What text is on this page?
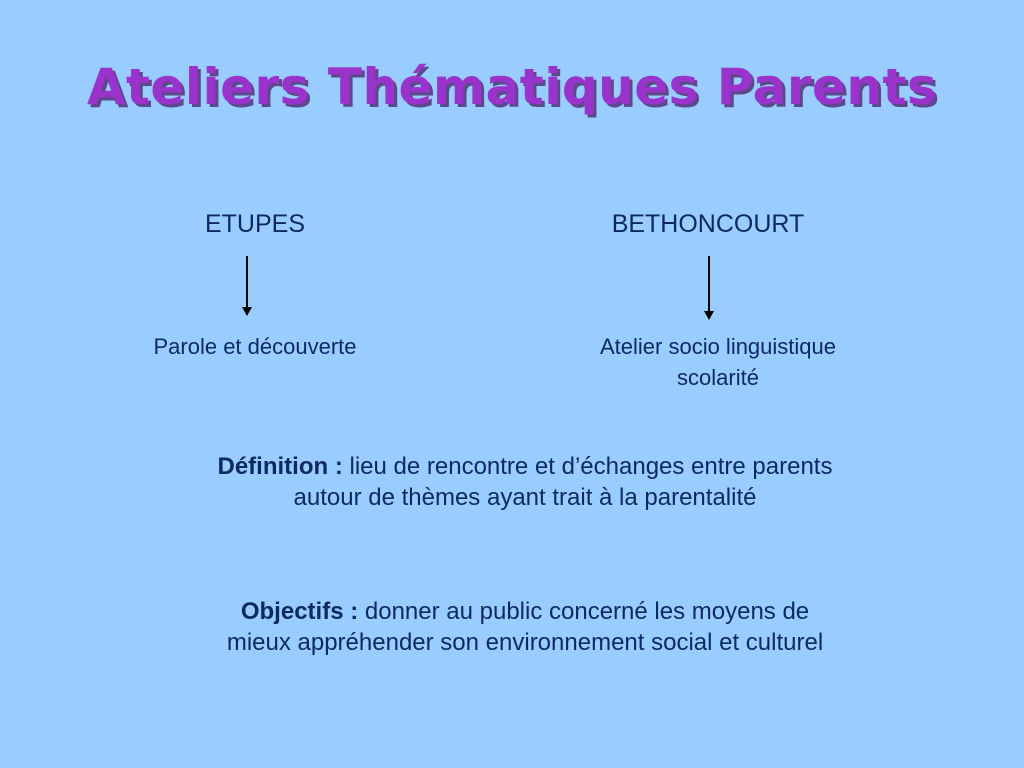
Ateliers Thématiques Parents
ETUPES	BETHONCOURT
Parole et découverte	Atelier socio linguistique
scolarité
Définition : lieu de rencontre et d’échanges entre parents
autour de thèmes ayant trait à la parentalité
Objectifs : donner au public concerné les moyens de
mieux appréhender son environnement social et culturel
